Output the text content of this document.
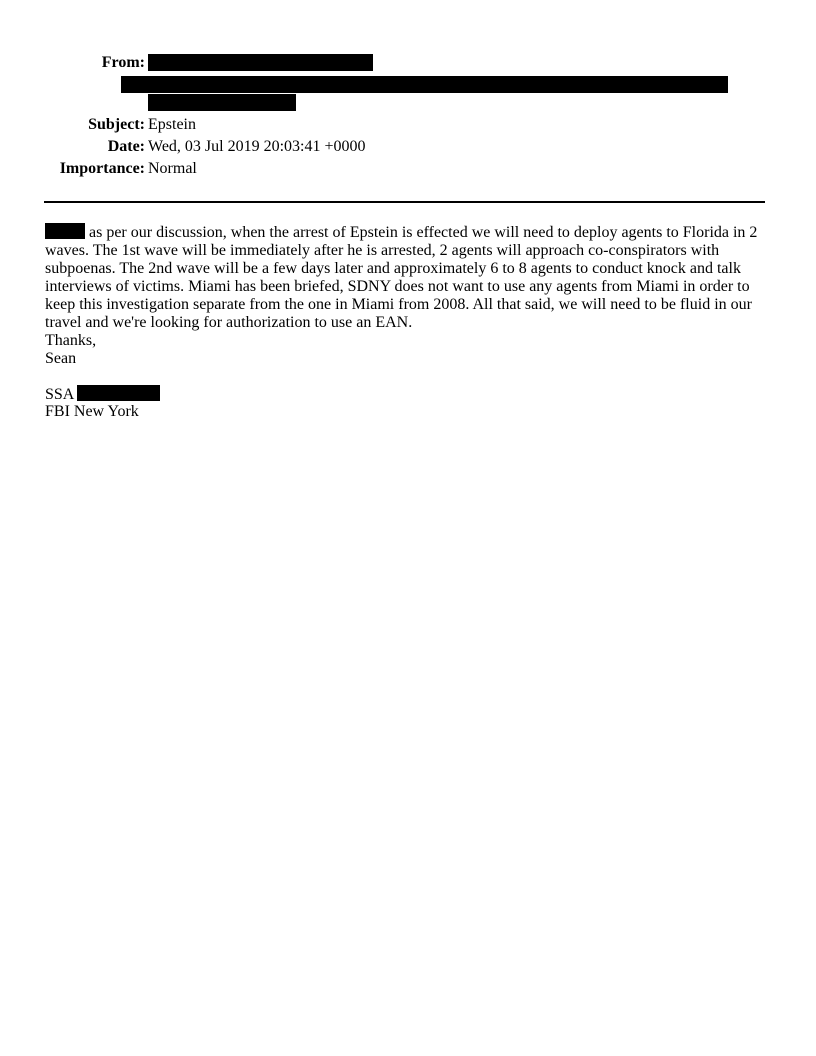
From:
Subject: Epstein
Date: Wed, 03 Jul 2019 20:03:41 +0000
Importance: Normal
as per our discussion, when the arrest of Epstein is effected we will need to deploy agents to Florida in 2
waves. The 1st wave will be immediately after he is arrested, 2 agents will approach co-conspirators with
subpoenas. The 2nd wave will be a few days later and approximately 6 to 8 agents to conduct knock and talk
interviews of victims. Miami has been briefed, SDNY does not want to use any agents from Miami in order to
keep this investigation separate from the one in Miami from 2008. All that said, we will need to be fluid in our
travel and we're looking for authorization to use an EAN.
Thanks,
Sean
SSA
FBI New York
